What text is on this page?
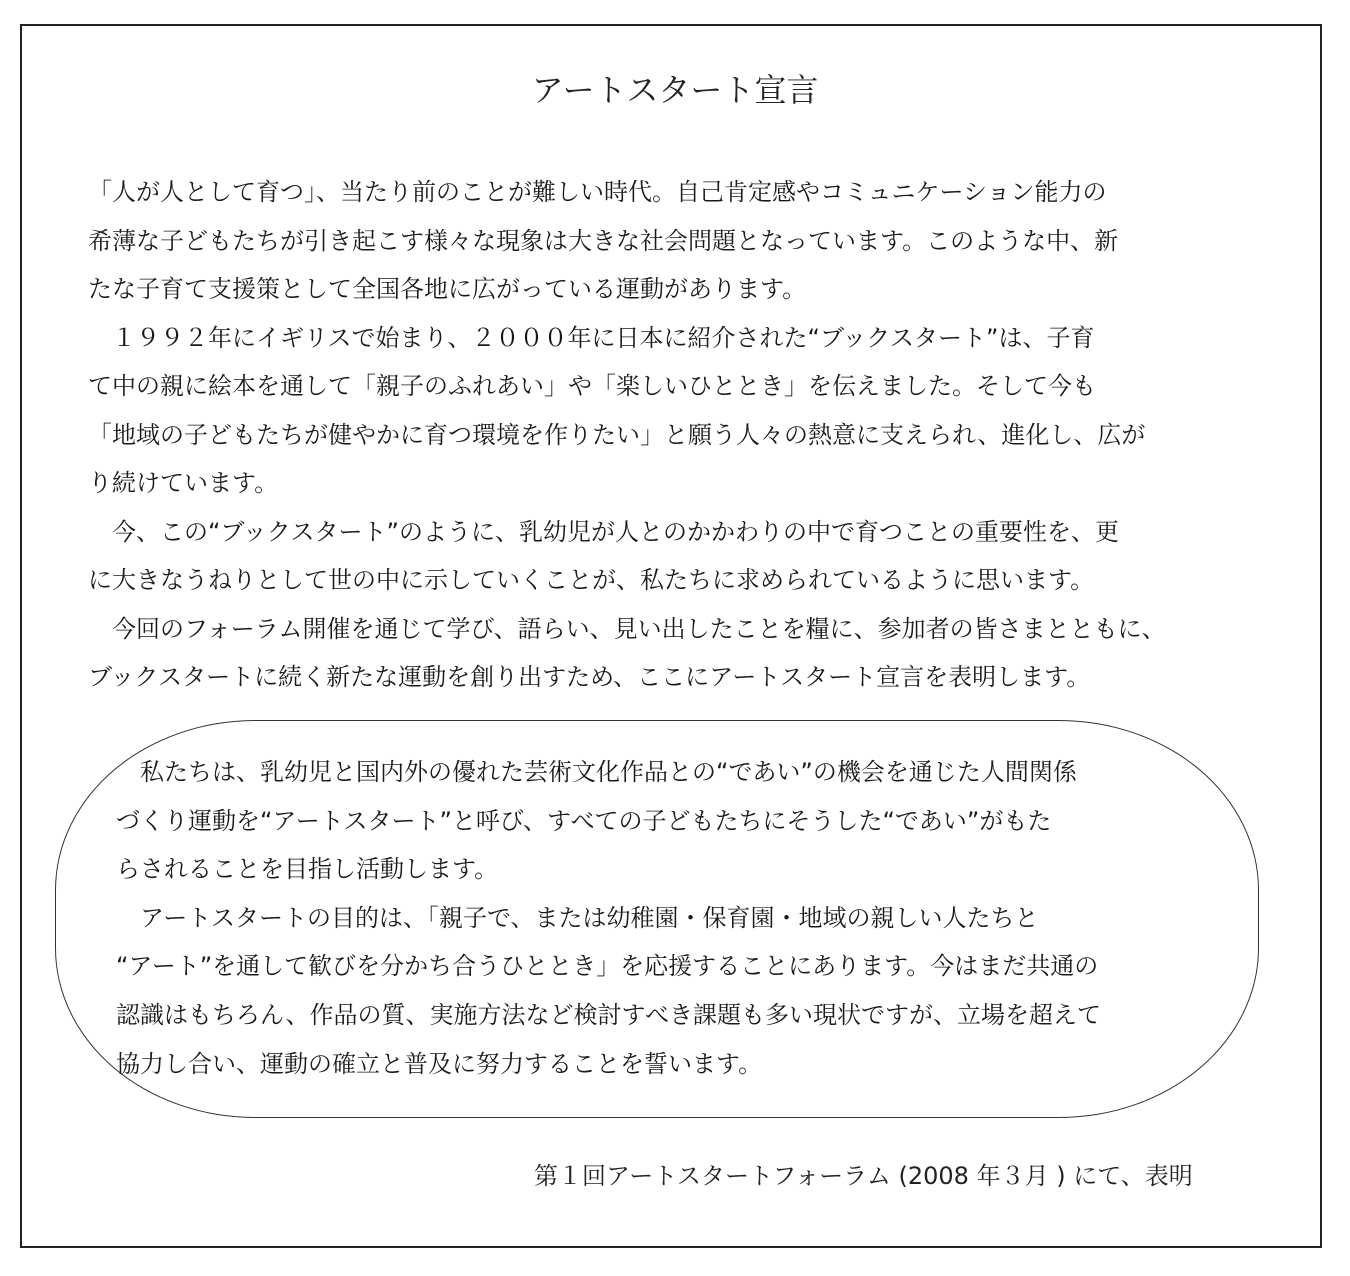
アートスタート宣言
「人が人として育つ」、当たり前のことが難しい時代。自己肯定感やコミュニケーション能力の
希薄な子どもたちが引き起こす様々な現象は大きな社会問題となっています。このような中、新
たな子育て支援策として全国各地に広がっている運動があります。
　１９９２年にイギリスで始まり、２０００年に日本に紹介された“ブックスタート”は、子育
て中の親に絵本を通して「親子のふれあい」や「楽しいひととき」を伝えました。そして今も
「地域の子どもたちが健やかに育つ環境を作りたい」と願う人々の熱意に支えられ、進化し、広が
り続けています。
　今、この“ブックスタート”のように、乳幼児が人とのかかわりの中で育つことの重要性を、更
に大きなうねりとして世の中に示していくことが、私たちに求められているように思います。
　今回のフォーラム開催を通じて学び、語らい、見い出したことを糧に、参加者の皆さまとともに、
ブックスタートに続く新たな運動を創り出すため、ここにアートスタート宣言を表明します。
　私たちは、乳幼児と国内外の優れた芸術文化作品との“であい”の機会を通じた人間関係
づくり運動を“アートスタート”と呼び、すべての子どもたちにそうした“であい”がもた
らされることを目指し活動します。
　アートスタートの目的は、「親子で、または幼稚園・保育園・地域の親しい人たちと
“アート”を通して歓びを分かち合うひととき」を応援することにあります。今はまだ共通の
認識はもちろん、作品の質、実施方法など検討すべき課題も多い現状ですが、立場を超えて
協力し合い、運動の確立と普及に努力することを誓います。
第１回アートスタートフォーラム (2008 年３月 ) にて、表明
